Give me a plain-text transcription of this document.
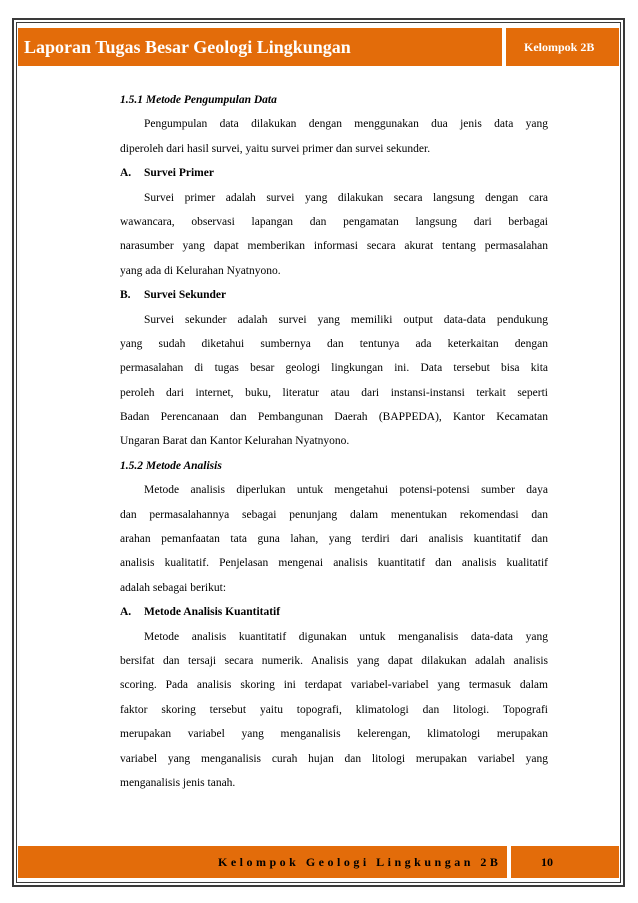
Laporan Tugas Besar Geologi Lingkungan	Kelompok 2B
1.5.1 Metode Pengumpulan Data
Pengumpulan data dilakukan dengan menggunakan dua jenis data yang
diperoleh dari hasil survei, yaitu survei primer dan survei sekunder.
A. Survei Primer
Survei primer adalah survei yang dilakukan secara langsung dengan cara
wawancara, observasi lapangan dan pengamatan langsung dari berbagai
narasumber yang dapat memberikan informasi secara akurat tentang permasalahan
yang ada di Kelurahan Nyatnyono.
B. Survei Sekunder
Survei sekunder adalah survei yang memiliki output data-data pendukung
yang sudah diketahui sumbernya dan tentunya ada keterkaitan dengan
permasalahan di tugas besar geologi lingkungan ini. Data tersebut bisa kita
peroleh dari internet, buku, literatur atau dari instansi-instansi terkait seperti
Badan Perencanaan dan Pembangunan Daerah (BAPPEDA), Kantor Kecamatan
Ungaran Barat dan Kantor Kelurahan Nyatnyono.
1.5.2 Metode Analisis
Metode analisis diperlukan untuk mengetahui potensi-potensi sumber daya
dan permasalahannya sebagai penunjang dalam menentukan rekomendasi dan
arahan pemanfaatan tata guna lahan, yang terdiri dari analisis kuantitatif dan
analisis kualitatif. Penjelasan mengenai analisis kuantitatif dan analisis kualitatif
adalah sebagai berikut:
A. Metode Analisis Kuantitatif
Metode analisis kuantitatif digunakan untuk menganalisis data-data yang
bersifat dan tersaji secara numerik. Analisis yang dapat dilakukan adalah analisis
scoring. Pada analisis skoring ini terdapat variabel-variabel yang termasuk dalam
faktor skoring tersebut yaitu topografi, klimatologi dan litologi. Topografi
merupakan variabel yang menganalisis kelerengan, klimatologi merupakan
variabel yang menganalisis curah hujan dan litologi merupakan variabel yang
menganalisis jenis tanah.
Kelompok Geologi Lingkungan 2B	10
